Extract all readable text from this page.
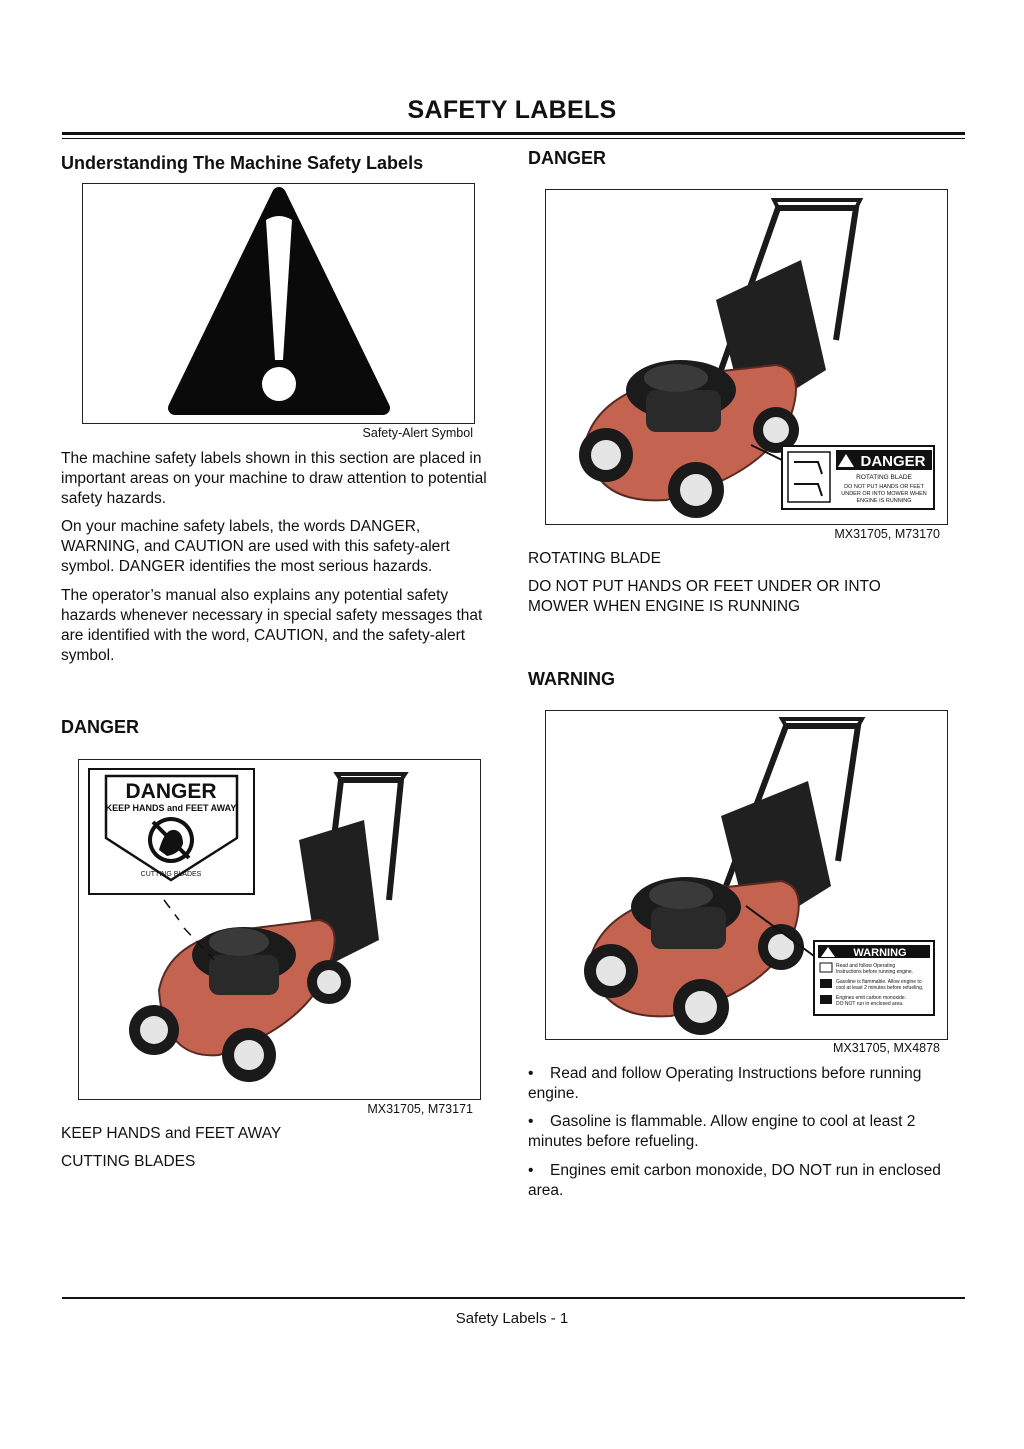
SAFETY LABELS
Understanding The Machine Safety Labels
Safety-Alert Symbol
The machine safety labels shown in this section are placed in important areas on your machine to draw attention to potential safety hazards.
On your machine safety labels, the words DANGER, WARNING, and CAUTION are used with this safety-alert symbol. DANGER identifies the most serious hazards.
The operator’s manual also explains any potential safety hazards whenever necessary in special safety messages that are identified with the word, CAUTION, and the safety-alert symbol.
DANGER
DANGER
KEEP HANDS and FEET AWAY
CUTTING BLADES
MX31705, M73171
KEEP HANDS and FEET AWAY
CUTTING BLADES
DANGER
DANGER
ROTATING BLADE
DO NOT PUT HANDS OR FEET
UNDER OR INTO MOWER WHEN
ENGINE IS RUNNING
MX31705, M73170
ROTATING BLADE
DO NOT PUT HANDS OR FEET UNDER OR INTO MOWER WHEN ENGINE IS RUNNING
WARNING
WARNING
Read and follow Operating
Instructions before running engine.
Gasoline is flammable. Allow engine to
cool at least 2 minutes before refueling.
Engines emit carbon monoxide.
DO NOT run in enclosed area.
MX31705, MX4878
• Read and follow Operating Instructions before running engine.
• Gasoline is flammable. Allow engine to cool at least 2 minutes before refueling.
• Engines emit carbon monoxide, DO NOT run in enclosed area.
Safety Labels - 1
